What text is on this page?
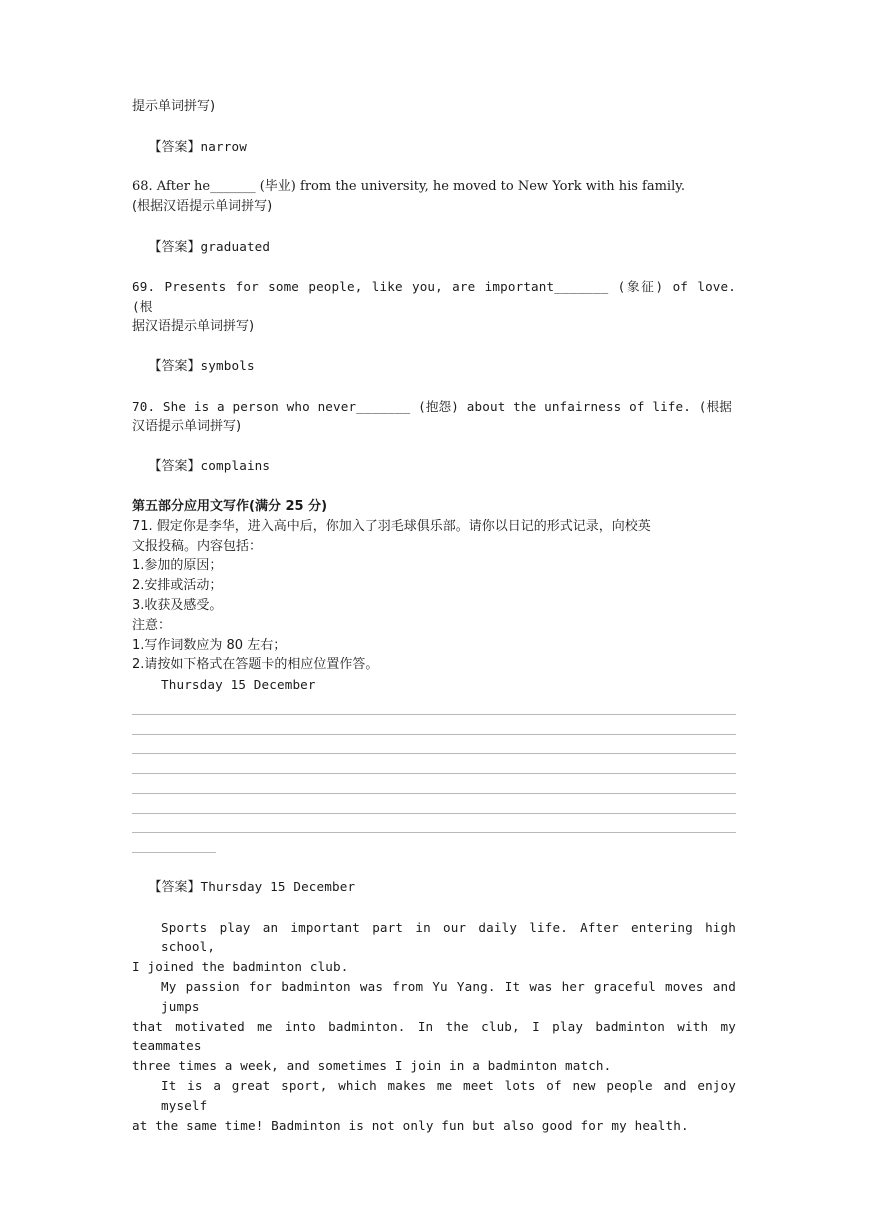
提示单词拼写)

【答案】narrow

68. After he_______ (毕业) from the university, he moved to New York with his family.
(根据汉语提示单词拼写)

【答案】graduated

69. Presents for some people, like you, are important_______ (象征) of love. (根
据汉语提示单词拼写)

【答案】symbols

70. She is a person who never_______ (抱怨) about the unfairness of life. (根据
汉语提示单词拼写)

【答案】complains

第五部分应用文写作(满分 25 分)
71. 假定你是李华，进入高中后，你加入了羽毛球俱乐部。请你以日记的形式记录，向校英
文报投稿。内容包括：
1.参加的原因；
2.安排或活动；
3.收获及感受。
注意：
1.写作词数应为 80 左右；
2.请按如下格式在答题卡的相应位置作答。
Thursday 15 December

【答案】Thursday 15 December

Sports play an important part in our daily life. After entering high school,
I joined the badminton club.
My passion for badminton was from Yu Yang. It was her graceful moves and jumps
that motivated me into badminton. In the club, I play badminton with my teammates
three times a week, and sometimes I join in a badminton match.
It is a great sport, which makes me meet lots of new people and enjoy myself
at the same time! Badminton is not only fun but also good for my health.
